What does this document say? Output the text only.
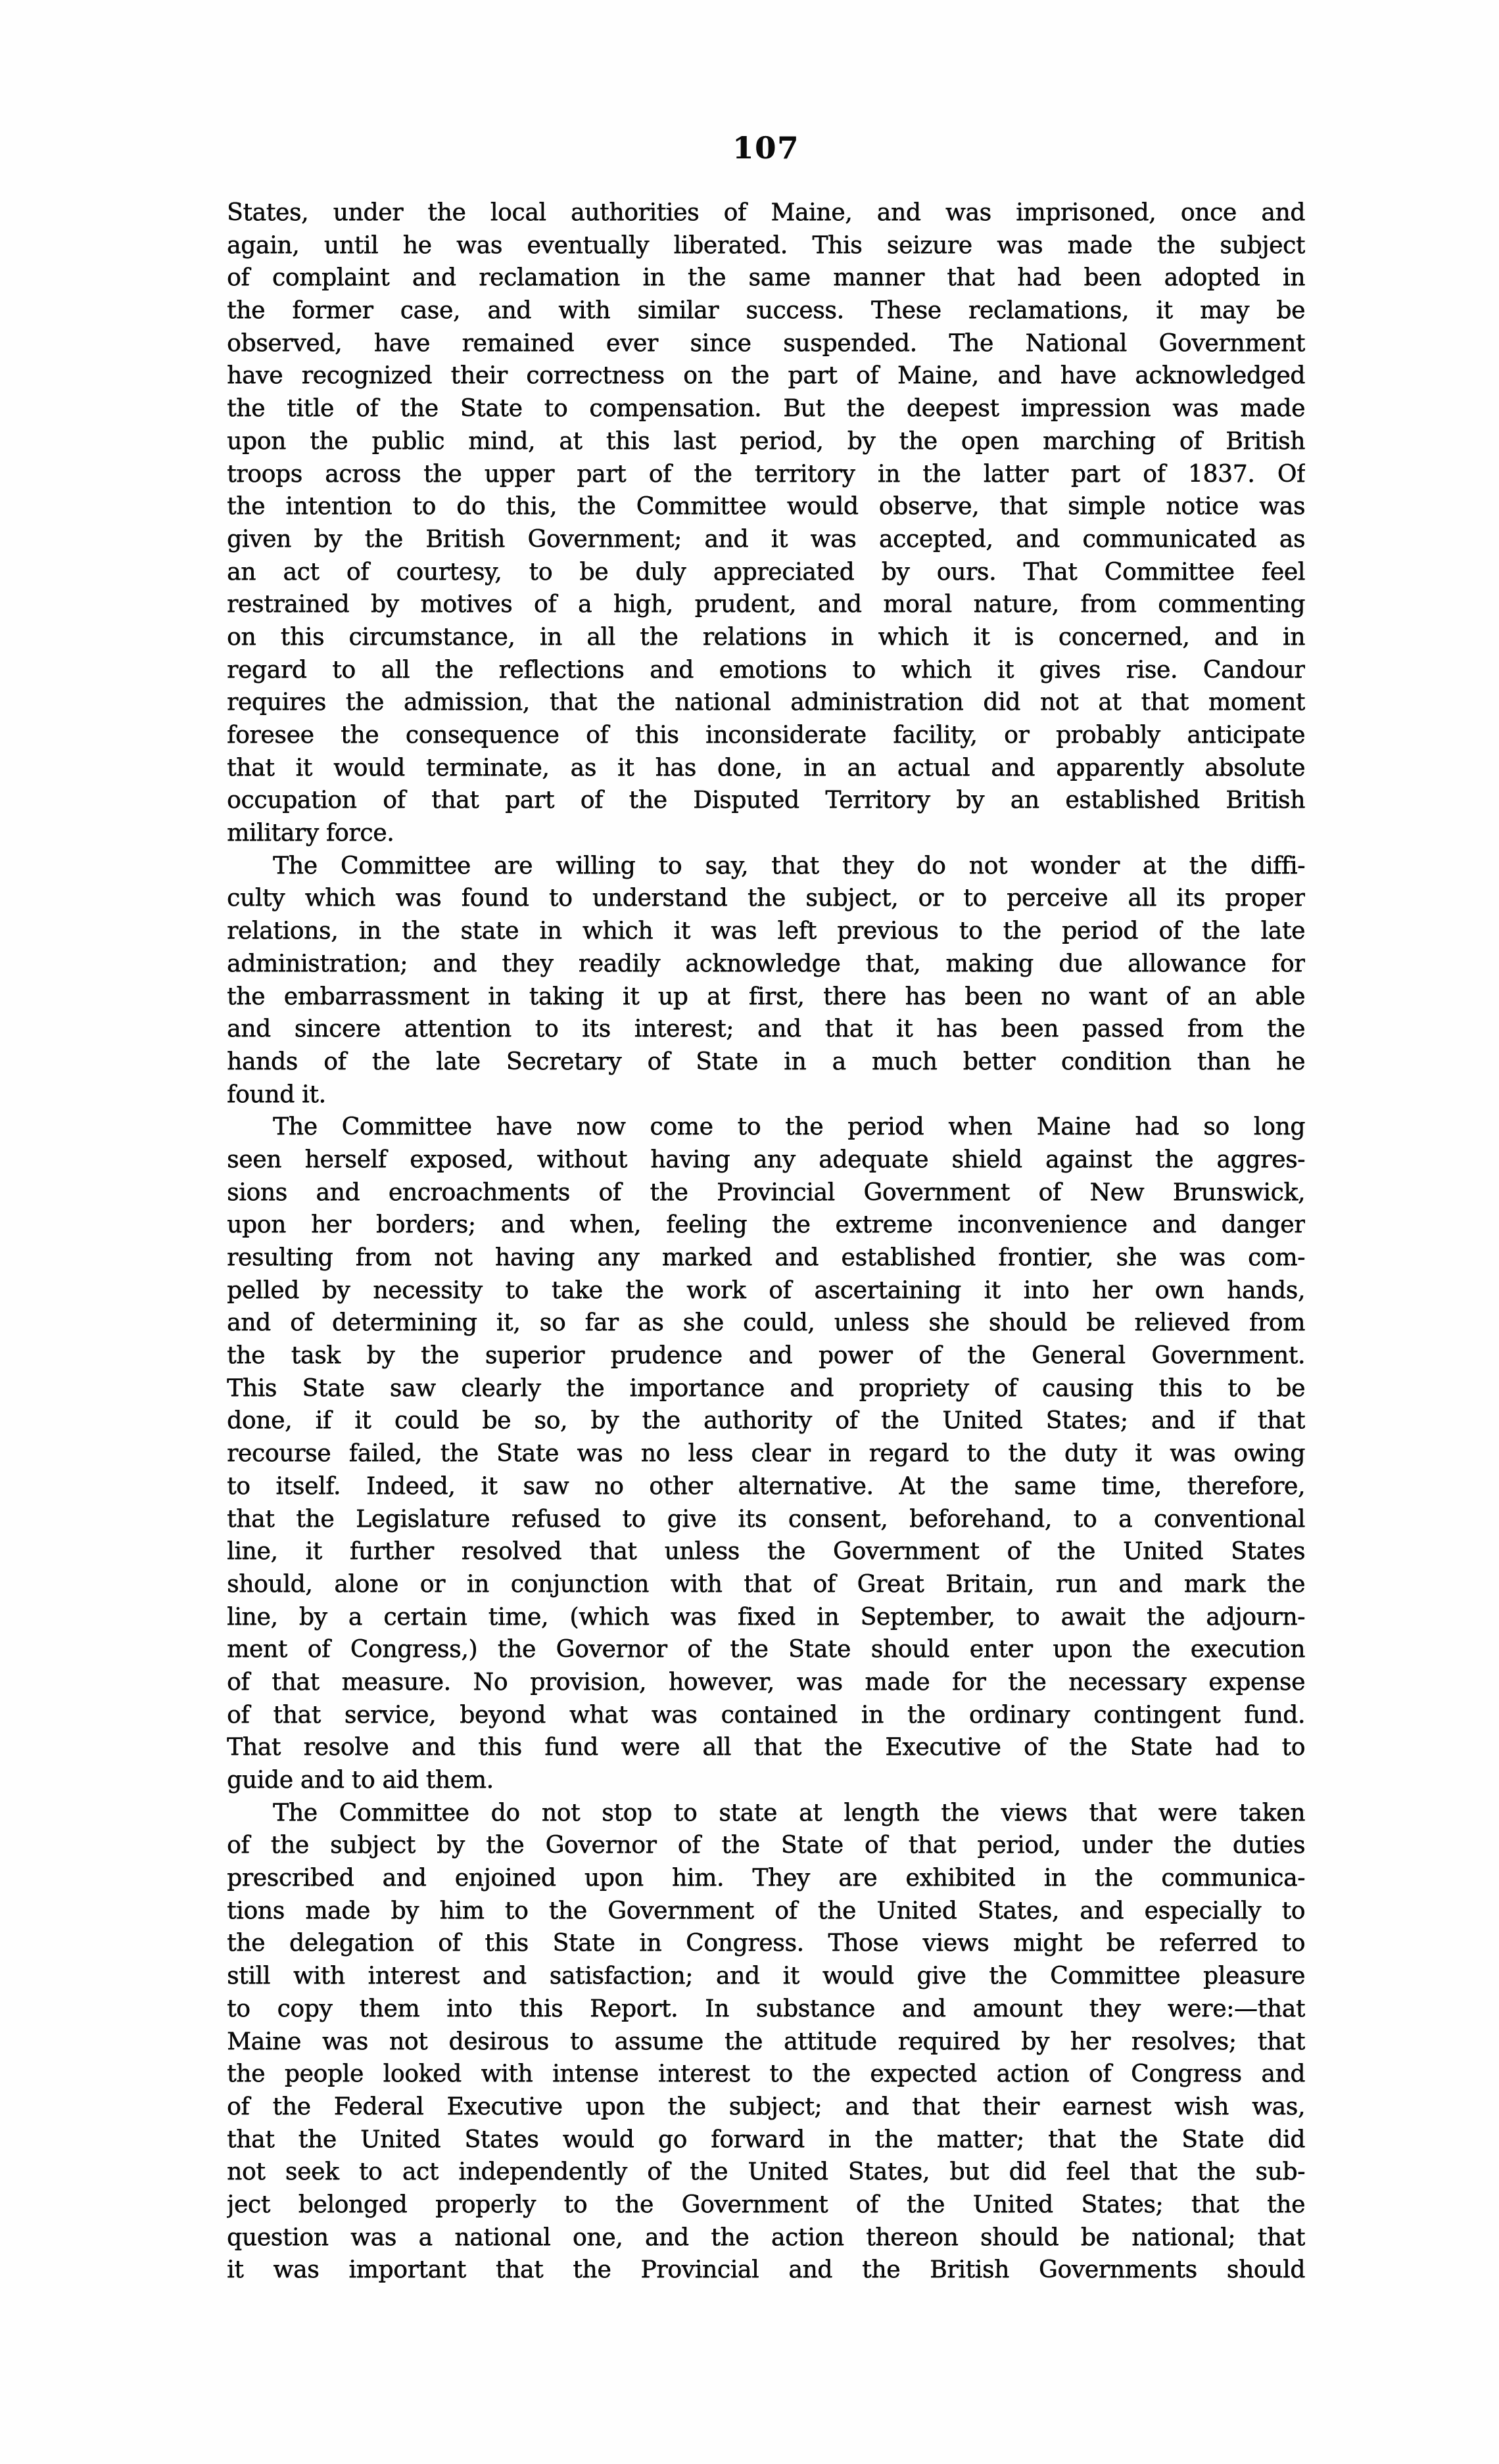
107
States, under the local authorities of Maine, and was imprisoned, once and
again, until he was eventually liberated. This seizure was made the subject
of complaint and reclamation in the same manner that had been adopted in
the former case, and with similar success. These reclamations, it may be
observed, have remained ever since suspended. The National Government
have recognized their correctness on the part of Maine, and have acknowledged
the title of the State to compensation. But the deepest impression was made
upon the public mind, at this last period, by the open marching of British
troops across the upper part of the territory in the latter part of 1837. Of
the intention to do this, the Committee would observe, that simple notice was
given by the British Government; and it was accepted, and communicated as
an act of courtesy, to be duly appreciated by ours. That Committee feel
restrained by motives of a high, prudent, and moral nature, from commenting
on this circumstance, in all the relations in which it is concerned, and in
regard to all the reflections and emotions to which it gives rise. Candour
requires the admission, that the national administration did not at that moment
foresee the consequence of this inconsiderate facility, or probably anticipate
that it would terminate, as it has done, in an actual and apparently absolute
occupation of that part of the Disputed Territory by an established British
military force.
The Committee are willing to say, that they do not wonder at the diffi-
culty which was found to understand the subject, or to perceive all its proper
relations, in the state in which it was left previous to the period of the late
administration; and they readily acknowledge that, making due allowance for
the embarrassment in taking it up at first, there has been no want of an able
and sincere attention to its interest; and that it has been passed from the
hands of the late Secretary of State in a much better condition than he
found it.
The Committee have now come to the period when Maine had so long
seen herself exposed, without having any adequate shield against the aggres-
sions and encroachments of the Provincial Government of New Brunswick,
upon her borders; and when, feeling the extreme inconvenience and danger
resulting from not having any marked and established frontier, she was com-
pelled by necessity to take the work of ascertaining it into her own hands,
and of determining it, so far as she could, unless she should be relieved from
the task by the superior prudence and power of the General Government.
This State saw clearly the importance and propriety of causing this to be
done, if it could be so, by the authority of the United States; and if that
recourse failed, the State was no less clear in regard to the duty it was owing
to itself. Indeed, it saw no other alternative. At the same time, therefore,
that the Legislature refused to give its consent, beforehand, to a conventional
line, it further resolved that unless the Government of the United States
should, alone or in conjunction with that of Great Britain, run and mark the
line, by a certain time, (which was fixed in September, to await the adjourn-
ment of Congress,) the Governor of the State should enter upon the execution
of that measure. No provision, however, was made for the necessary expense
of that service, beyond what was contained in the ordinary contingent fund.
That resolve and this fund were all that the Executive of the State had to
guide and to aid them.
The Committee do not stop to state at length the views that were taken
of the subject by the Governor of the State of that period, under the duties
prescribed and enjoined upon him. They are exhibited in the communica-
tions made by him to the Government of the United States, and especially to
the delegation of this State in Congress. Those views might be referred to
still with interest and satisfaction; and it would give the Committee pleasure
to copy them into this Report. In substance and amount they were:—that
Maine was not desirous to assume the attitude required by her resolves; that
the people looked with intense interest to the expected action of Congress and
of the Federal Executive upon the subject; and that their earnest wish was,
that the United States would go forward in the matter; that the State did
not seek to act independently of the United States, but did feel that the sub-
ject belonged properly to the Government of the United States; that the
question was a national one, and the action thereon should be national; that
it was important that the Provincial and the British Governments should
